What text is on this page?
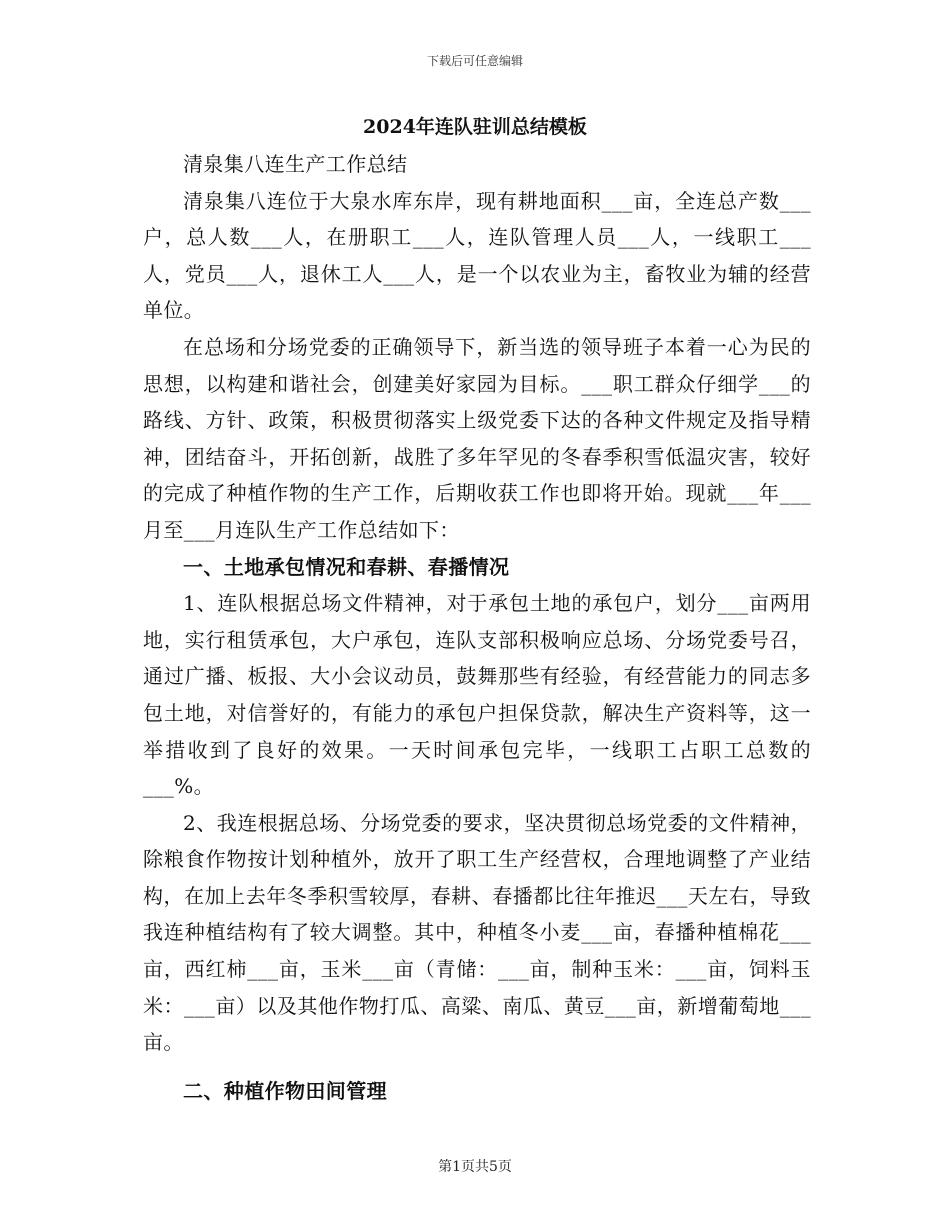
下载后可任意编辑
2024年连队驻训总结模板

清泉集八连生产工作总结

清泉集八连位于大泉水库东岸，现有耕地面积___亩，全连总产数___户，总人数___人，在册职工___人，连队管理人员___人，一线职工___人，党员___人，退休工人___人，是一个以农业为主，畜牧业为辅的经营单位。

在总场和分场党委的正确领导下，新当选的领导班子本着一心为民的思想，以构建和谐社会，创建美好家园为目标。___职工群众仔细学___的路线、方针、政策，积极贯彻落实上级党委下达的各种文件规定及指导精神，团结奋斗，开拓创新，战胜了多年罕见的冬春季积雪低温灾害，较好的完成了种植作物的生产工作，后期收获工作也即将开始。现就___年___月至___月连队生产工作总结如下：

一、土地承包情况和春耕、春播情况

1、连队根据总场文件精神，对于承包土地的承包户，划分___亩两用地，实行租赁承包，大户承包，连队支部积极响应总场、分场党委号召，通过广播、板报、大小会议动员，鼓舞那些有经验，有经营能力的同志多包土地，对信誉好的，有能力的承包户担保贷款，解决生产资料等，这一举措收到了良好的效果。一天时间承包完毕，一线职工占职工总数的___%。

2、我连根据总场、分场党委的要求，坚决贯彻总场党委的文件精神，除粮食作物按计划种植外，放开了职工生产经营权，合理地调整了产业结构，在加上去年冬季积雪较厚，春耕、春播都比往年推迟___天左右，导致我连种植结构有了较大调整。其中，种植冬小麦___亩，春播种植棉花___亩，西红柿___亩，玉米___亩（青储：___亩，制种玉米：___亩，饲料玉米：___亩）以及其他作物打瓜、高粱、南瓜、黄豆___亩，新增葡萄地___亩。

二、种植作物田间管理

第1页共5页
